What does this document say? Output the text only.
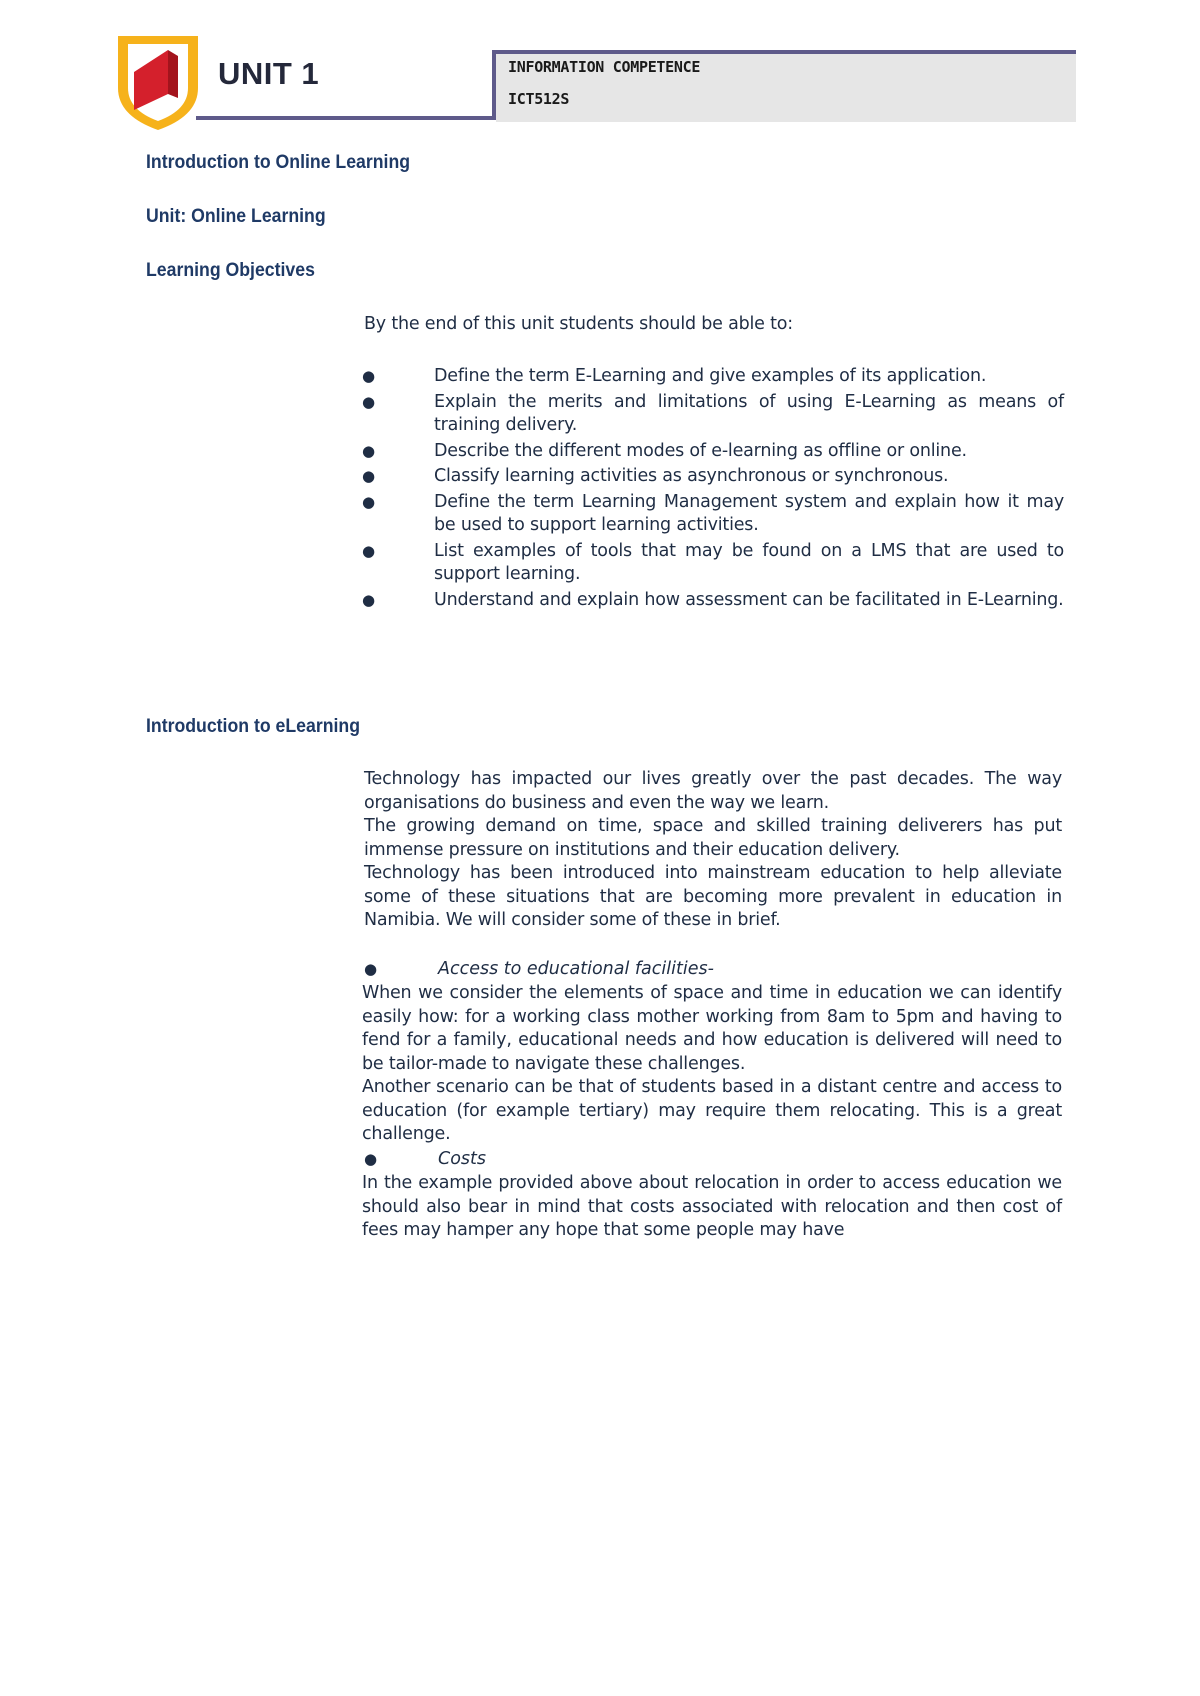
UNIT 1	INFORMATION COMPETENCE
ICT512S
Introduction to Online Learning
Unit: Online Learning
Learning Objectives
By the end of this unit students should be able to:
●	Define the term E-Learning and give examples of its application.
●	Explain the merits and limitations of using E-Learning as means of training delivery.
●	Describe the different modes of e-learning as offline or online.
●	Classify learning activities as asynchronous or synchronous.
●	Define the term Learning Management system and explain how it may be used to support learning activities.
●	List examples of tools that may be found on a LMS that are used to support learning.
●	Understand and explain how assessment can be facilitated in E-Learning.
Introduction to eLearning

Technology has impacted our lives greatly over the past decades. The way organisations do business and even the way we learn.

The growing demand on time, space and skilled training deliverers has put immense pressure on institutions and their education delivery.

Technology has been introduced into mainstream education to help alleviate some of these situations that are becoming more prevalent in education in Namibia. We will consider some of these in brief.

●	Access to educational facilities-

When we consider the elements of space and time in education we can identify easily how: for a working class mother working from 8am to 5pm and having to fend for a family, educational needs and how education is delivered will need to be tailor-made to navigate these challenges.

Another scenario can be that of students based in a distant centre and access to education (for example tertiary) may require them relocating. This is a great challenge.

●	Costs

In the example provided above about relocation in order to access education we should also bear in mind that costs associated with relocation and then cost of fees may hamper any hope that some people may have
